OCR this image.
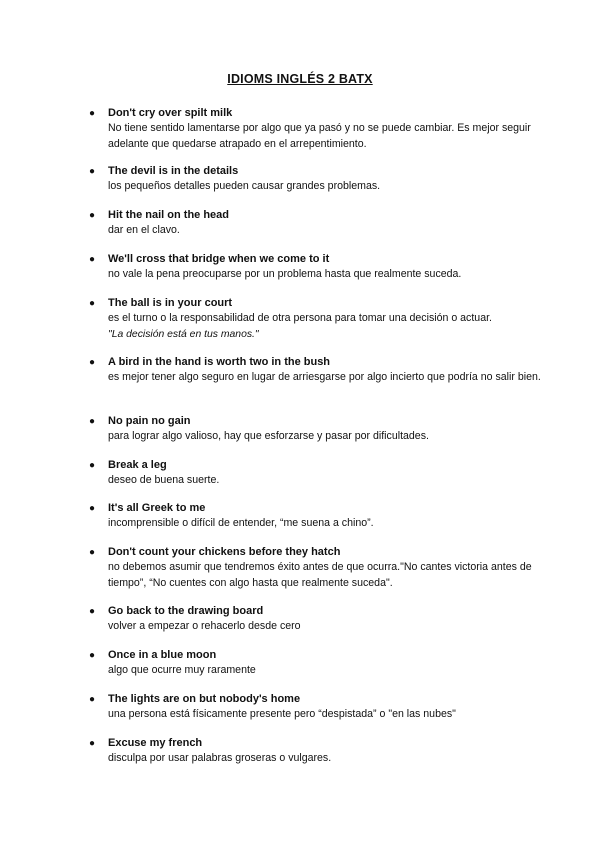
IDIOMS INGLÉS 2 BATX
● Don't cry over spilt milk
No tiene sentido lamentarse por algo que ya pasó y no se puede cambiar. Es mejor seguir adelante que quedarse atrapado en el arrepentimiento.
● The devil is in the details
los pequeños detalles pueden causar grandes problemas.
● Hit the nail on the head
dar en el clavo.
● We'll cross that bridge when we come to it
no vale la pena preocuparse por un problema hasta que realmente suceda.
● The ball is in your court
es el turno o la responsabilidad de otra persona para tomar una decisión o actuar.
"La decisión está en tus manos."
● A bird in the hand is worth two in the bush
es mejor tener algo seguro en lugar de arriesgarse por algo incierto que podría no salir bien.
● No pain no gain
para lograr algo valioso, hay que esforzarse y pasar por dificultades.
● Break a leg
deseo de buena suerte.
● It's all Greek to me
incomprensible o difícil de entender, “me suena a chino”.
● Don't count your chickens before they hatch
no debemos asumir que tendremos éxito antes de que ocurra."No cantes victoria antes de tiempo”, “No cuentes con algo hasta que realmente suceda".
● Go back to the drawing board
volver a empezar o rehacerlo desde cero
● Once in a blue moon
algo que ocurre muy raramente
● The lights are on but nobody's home
una persona está físicamente presente pero “despistada” o "en las nubes"
● Excuse my french
disculpa por usar palabras groseras o vulgares.
